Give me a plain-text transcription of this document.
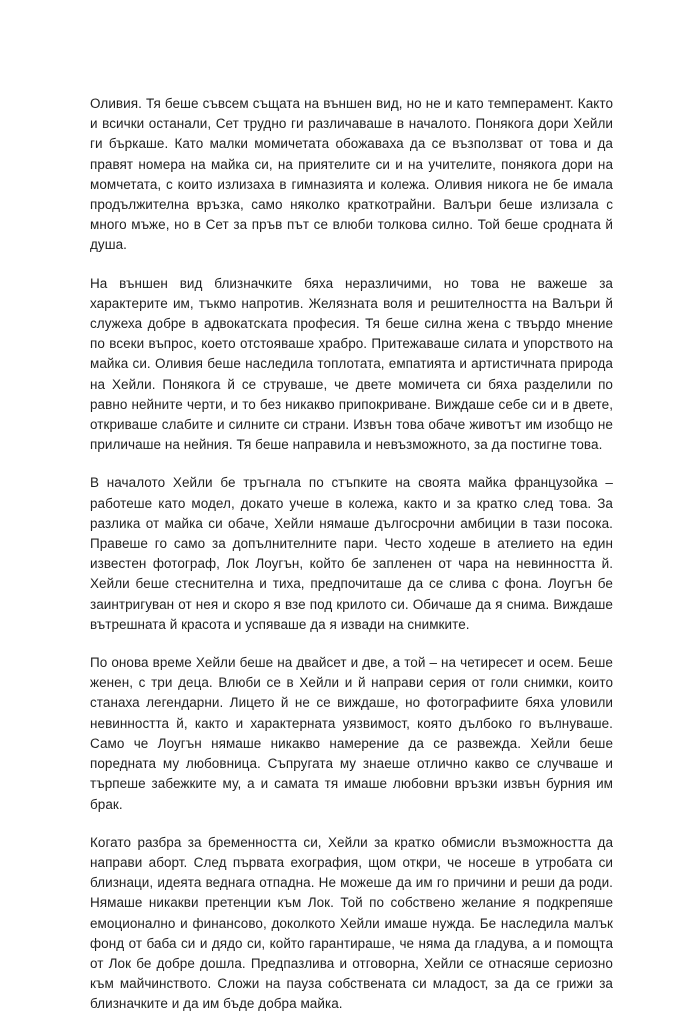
Оливия. Тя беше съвсем същата на външен вид, но не и като темперамент. Както и всички останали, Сет трудно ги различаваше в началото. Понякога дори Хейли ги бъркаше. Като малки момичетата обожаваха да се възползват от това и да правят номера на майка си, на приятелите си и на учителите, понякога дори на момчетата, с които излизаха в гимназията и колежа. Оливия никога не бе имала продължителна връзка, само няколко краткотрайни. Валъри беше излизала с много мъже, но в Сет за пръв път се влюби толкова силно. Той беше сродната й душа.

На външен вид близначките бяха неразличими, но това не важеше за характерите им, тъкмо напротив. Желязната воля и решителността на Валъри й служеха добре в адвокатската професия. Тя беше силна жена с твърдо мнение по всеки въпрос, което отстояваше храбро. Притежаваше силата и упорството на майка си. Оливия беше наследила топлотата, емпатията и артистичната природа на Хейли. Понякога й се струваше, че двете момичета си бяха разделили по равно нейните черти, и то без никакво припокриване. Виждаше себе си и в двете, откриваше слабите и силните си страни. Извън това обаче животът им изобщо не приличаше на нейния. Тя беше направила и невъзможното, за да постигне това.

В началото Хейли бе тръгнала по стъпките на своята майка французойка – работеше като модел, докато учеше в колежа, както и за кратко след това. За разлика от майка си обаче, Хейли нямаше дългосрочни амбиции в тази посока. Правеше го само за допълнителните пари. Често ходеше в ателието на един известен фотограф, Лок Лоугън, който бе запленен от чара на невинността й. Хейли беше стеснителна и тиха, предпочиташе да се слива с фона. Лоугън бе заинтригуван от нея и скоро я взе под крилото си. Обичаше да я снима. Виждаше вътрешната й красота и успяваше да я извади на снимките.

По онова време Хейли беше на двайсет и две, а той – на четиресет и осем. Беше женен, с три деца. Влюби се в Хейли и й направи серия от голи снимки, които станаха легендарни. Лицето й не се виждаше, но фотографиите бяха уловили невинността й, както и характерната уязвимост, която дълбоко го вълнуваше. Само че Лоугън нямаше никакво намерение да се развежда. Хейли беше поредната му любовница. Съпругата му знаеше отлично какво се случваше и търпеше забежките му, а и самата тя имаше любовни връзки извън бурния им брак.

Когато разбра за бременността си, Хейли за кратко обмисли възможността да направи аборт. След първата ехография, щом откри, че носеше в утробата си близнаци, идеята веднага отпадна. Не можеше да им го причини и реши да роди. Нямаше никакви претенции към Лок. Той по собствено желание я подкрепяше емоционално и финансово, доколкото Хейли имаше нужда. Бе наследила малък фонд от баба си и дядо си, който гарантираше, че няма да гладува, а и помощта от Лок бе добре дошла. Предпазлива и отговорна, Хейли се отнасяше сериозно към майчинството. Сложи на пауза собствената си младост, за да се грижи за близначките и да им бъде добра майка.
